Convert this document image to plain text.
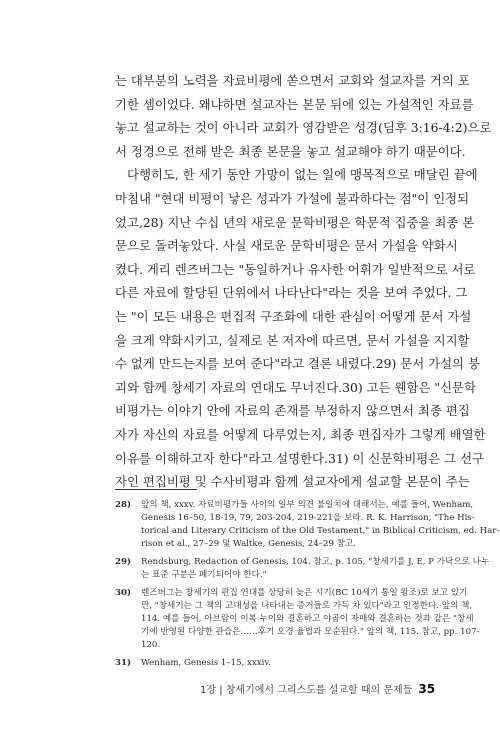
는 대부분의 노력을 자료비평에 쏟으면서 교회와 설교자를 거의 포
기한 셈이었다. 왜냐하면 설교자는 본문 뒤에 있는 가설적인 자료를
놓고 설교하는 것이 아니라 교회가 영감받은 성경(딤후 3:16-4:2)으로
서 정경으로 전해 받은 최종 본문을 놓고 설교해야 하기 때문이다.
다행히도, 한 세기 동안 가망이 없는 일에 맹목적으로 매달린 끝에
마침내 "현대 비평이 낳은 성과가 가설에 불과하다는 점"이 인정되
었고,28) 지난 수십 년의 새로운 문학비평은 학문적 집중을 최종 본
문으로 돌려놓았다. 사실 새로운 문학비평은 문서 가설을 약화시
켰다. 게리 렌즈버그는 "동일하거나 유사한 어휘가 일반적으로 서로
다른 자료에 할당된 단위에서 나타난다"라는 것을 보여 주었다. 그
는 "이 모든 내용은 편집적 구조화에 대한 관심이 어떻게 문서 가설
을 크게 약화시키고, 실제로 본 저자에 따르면, 문서 가설을 지지할
수 없게 만드는지를 보여 준다"라고 결론 내렸다.29) 문서 가설의 붕
괴와 함께 창세기 자료의 연대도 무너진다.30) 고든 웬함은 "신문학
비평가는 이야기 안에 자료의 존재를 부정하지 않으면서 최종 편집
자가 자신의 자료를 어떻게 다루었는지, 최종 편집자가 그렇게 배열한
이유를 이해하고자 한다"라고 설명한다.31) 이 신문학비평은 그 선구
자인 편집비평 및 수사비평과 함께 설교자에게 설교할 본문이 주는
28) 앞의 책, xxxv. 자료비평가들 사이의 일부 의견 불일치에 대해서는, 예를 들어, Wenham,
Genesis 16–50, 18-19, 79, 203-204, 219-221을 보라. R. K. Harrison, "The His-
torical and Literary Criticism of the Old Testament," in Biblical Criticism, ed. Har-
rison et al., 27–29 및 Waltke, Genesis, 24–29 참고.
29) Rendsburg, Redaction of Genesis, 104. 참고, p. 105, "창세기를 J, E, P 가닥으로 나누
는 표준 구분은 폐기되어야 한다."
30) 렌즈버그는 창세기의 편집 연대를 상당히 늦은 시기(BC 10세기 통일 왕조)로 보고 있기
만, "창세기는 그 책의 고대성을 나타내는 증거들로 가득 차 있다"라고 인정한다. 앞의 책,
114. 예를 들어, 아브람이 이복 누이와 결혼하고 야곱이 자매와 결혼하는 것과 같은 "창세
기에 반영된 다양한 관습은……후기 오경 율법과 모순된다." 앞의 책, 115. 참고, pp. 107-
120.
31) Wenham, Genesis 1–15, xxxiv.
1장 | 창세기에서 그리스도를 설교할 때의 문제들 35
